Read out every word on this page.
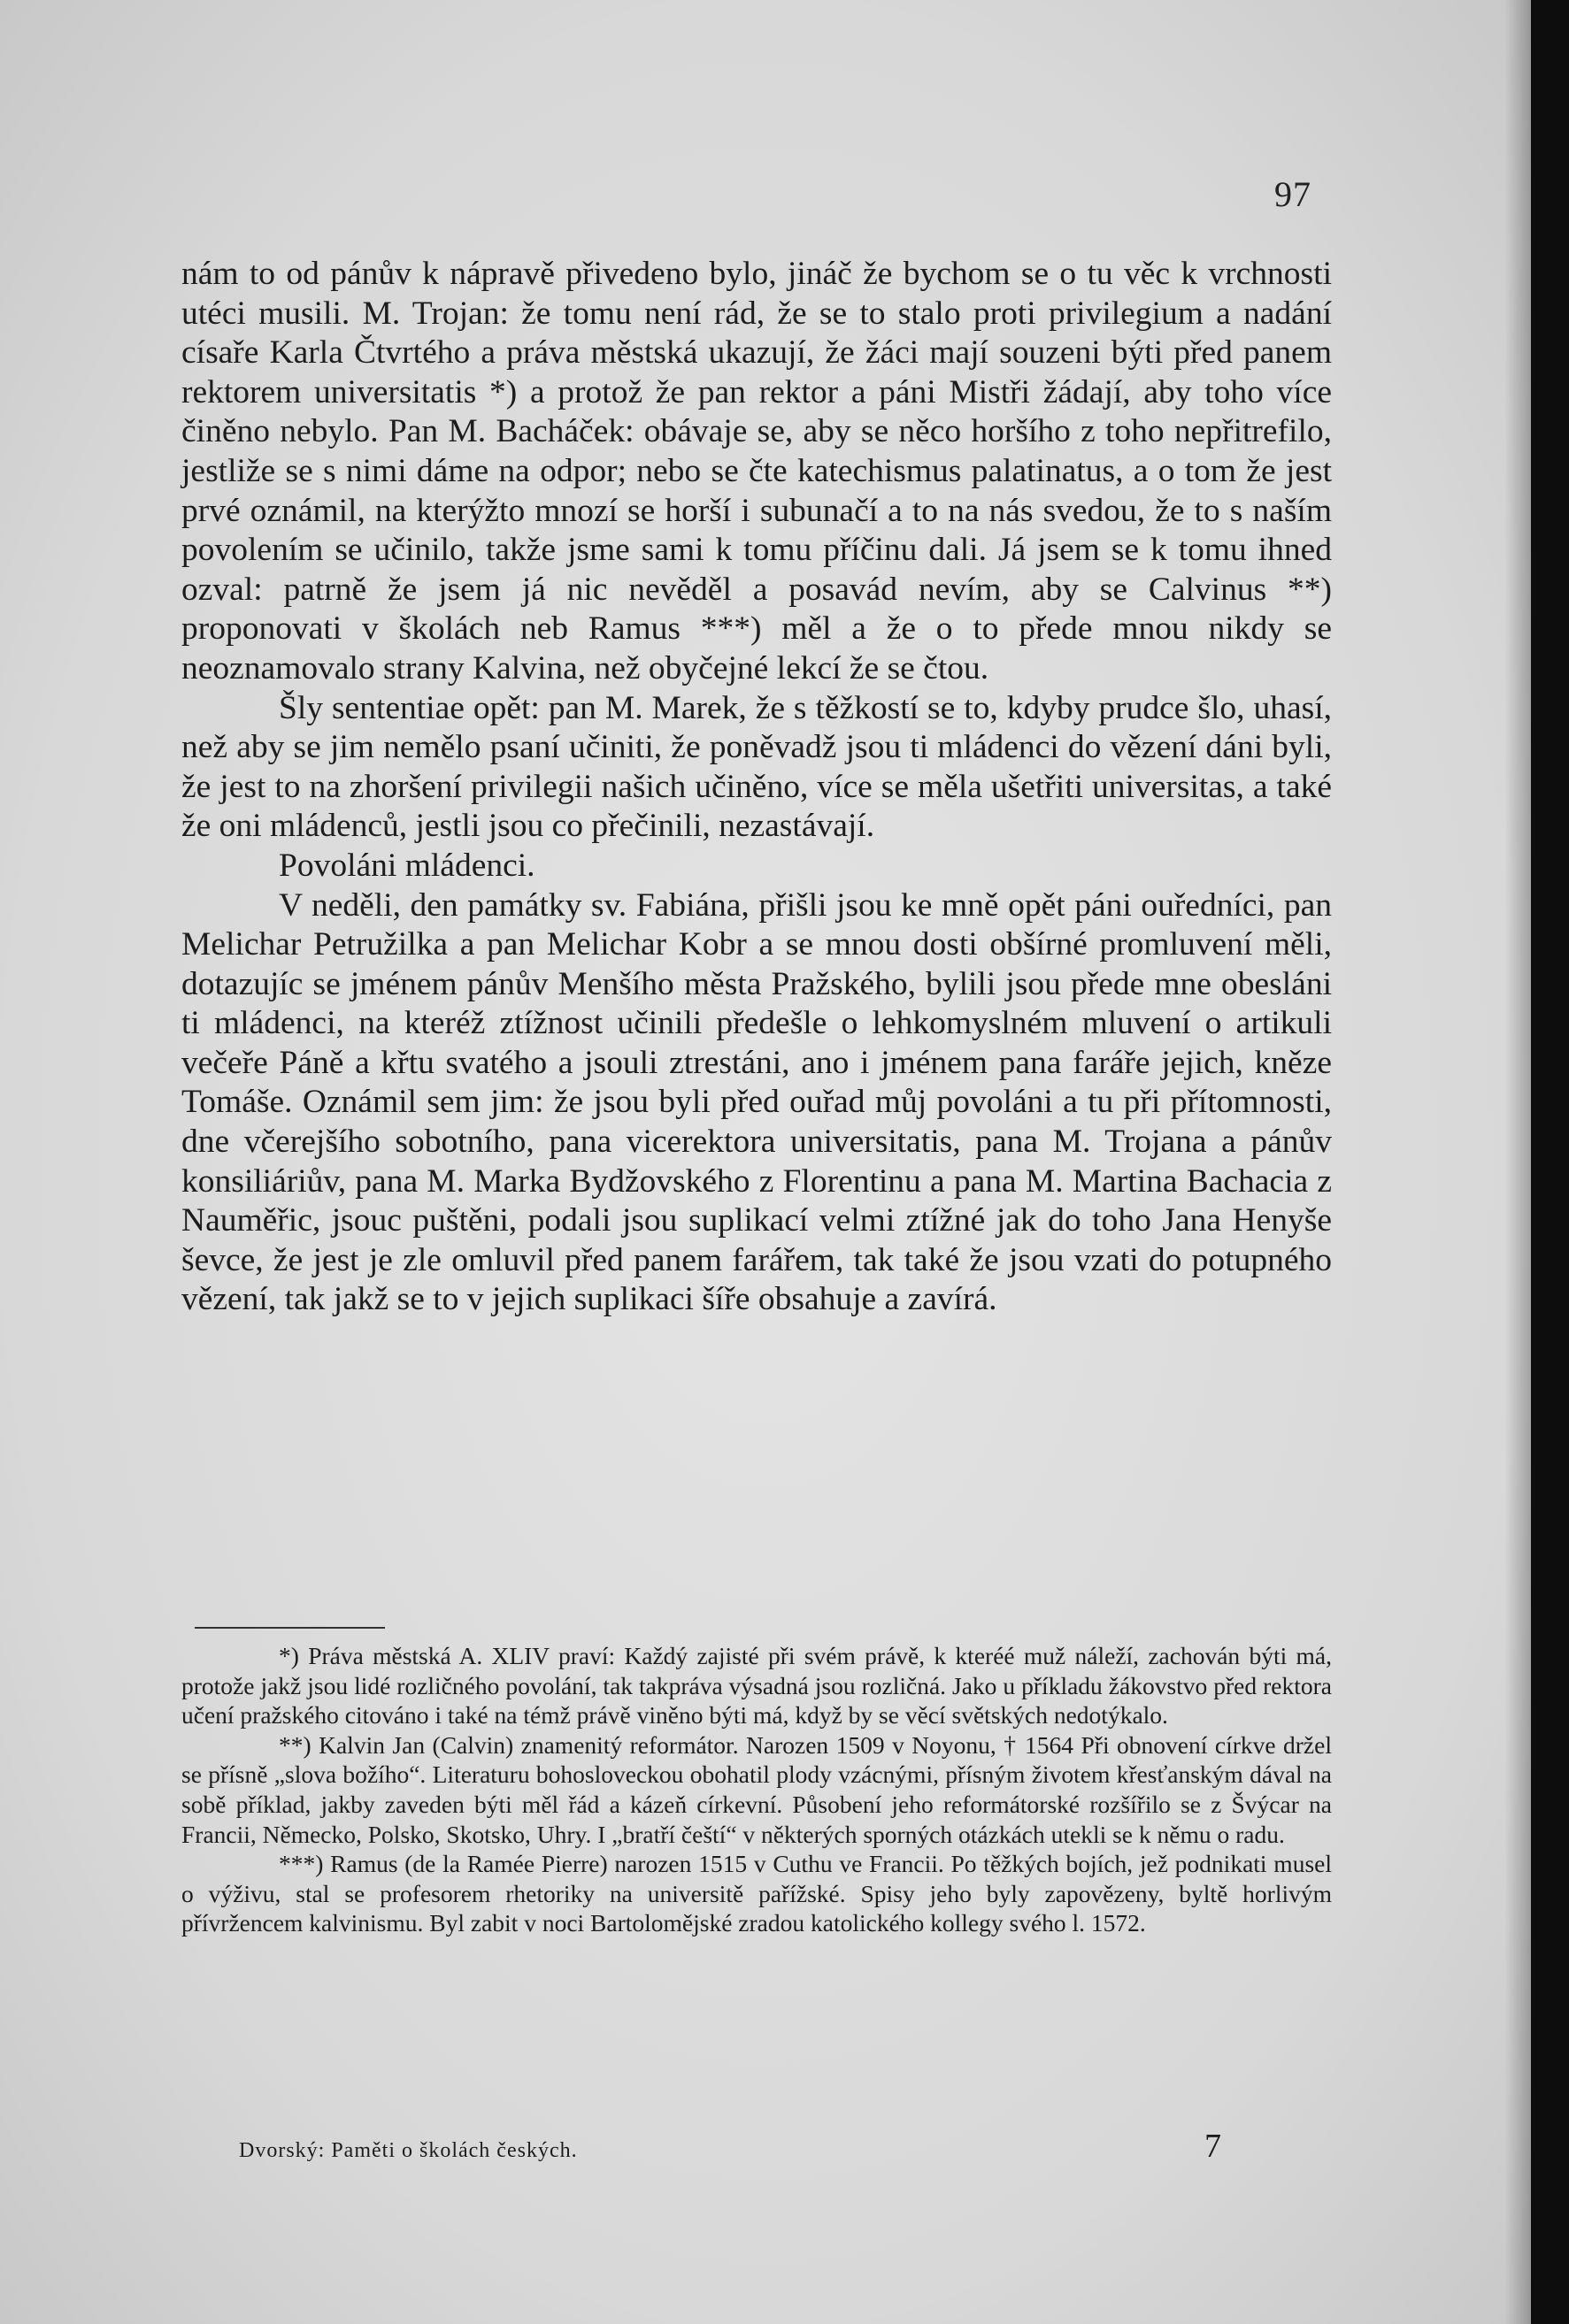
97

nám to od pánův k nápravě přivedeno bylo, jináč že bychom se o tu věc k vrchnosti utéci musili. M. Trojan: že tomu není rád, že se to stalo proti privilegium a nadání císaře Karla Čtvrtého a práva městská ukazují, že žáci mají souzeni býti před panem rektorem universitatis *) a protož že pan rektor a páni Mistři žádají, aby toho více činěno nebylo. Pan M. Bacháček: obávaje se, aby se něco horšího z toho nepřitrefilo, jestliže se s nimi dáme na odpor; nebo se čte katechismus palatinatus, a o tom že jest prvé oznámil, na kterýžto mnozí se horší i subunačí a to na nás svedou, že to s naším povolením se učinilo, takže jsme sami k tomu příčinu dali. Já jsem se k tomu ihned ozval: patrně že jsem já nic nevěděl a posavád nevím, aby se Calvinus **) proponovati v školách neb Ramus ***) měl a že o to přede mnou nikdy se neoznamovalo strany Kalvina, než obyčejné lekcí že se čtou.

Šly sententiae opět: pan M. Marek, že s těžkostí se to, kdyby prudce šlo, uhasí, než aby se jim nemělo psaní učiniti, že poněvadž jsou ti mládenci do vězení dáni byli, že jest to na zhoršení privilegii našich učiněno, více se měla ušetřiti universitas, a také že oni mládenců, jestli jsou co přečinili, nezastávají.

Povoláni mládenci.

V neděli, den památky sv. Fabiána, přišli jsou ke mně opět páni ouředníci, pan Melichar Petružilka a pan Melichar Kobr a se mnou dosti obšírné promluvení měli, dotazujíc se jménem pánův Menšího města Pražského, bylili jsou přede mne obesláni ti mládenci, na kteréž ztížnost učinili předešle o lehkomyslném mluvení o artikuli večeře Páně a křtu svatého a jsouli ztrestáni, ano i jménem pana faráře jejich, kněze Tomáše. Oznámil sem jim: že jsou byli před ouřad můj povoláni a tu při přítomnosti, dne včerejšího sobotního, pana vicerektora universitatis, pana M. Trojana a pánův konsiliáriův, pana M. Marka Bydžovského z Florentinu a pana M. Martina Bachacia z Nauměřic, jsouc puštěni, podali jsou suplikací velmi ztížné jak do toho Jana Henyše ševce, že jest je zle omluvil před panem farářem, tak také že jsou vzati do potupného vězení, tak jakž se to v jejich suplikaci šíře obsahuje a zavírá.

*) Práva městská A. XLIV praví: Každý zajisté při svém právě, k kteréé muž náleží, zachován býti má, protože jakž jsou lidé rozličného povolání, tak takpráva výsadná jsou rozličná. Jako u příkladu žákovstvo před rektora učení pražského citováno i také na témž právě viněno býti má, když by se věcí světských nedotýkalo.

**) Kalvin Jan (Calvin) znamenitý reformátor. Narozen 1509 v Noyonu, † 1564 Při obnovení církve držel se přísně „slova božího“. Literaturu bohosloveckou obohatil plody vzácnými, přísným životem křesťanským dával na sobě příklad, jakby zaveden býti měl řád a kázeň církevní. Působení jeho reformátorské rozšířilo se z Švýcar na Francii, Německo, Polsko, Skotsko, Uhry. I „bratří čeští“ v některých sporných otázkách utekli se k němu o radu.

***) Ramus (de la Ramée Pierre) narozen 1515 v Cuthu ve Francii. Po těžkých bojích, jež podnikati musel o výživu, stal se profesorem rhetoriky na universitě pařížské. Spisy jeho byly zapovězeny, byltě horlivým přívržencem kalvinismu. Byl zabit v noci Bartolomějské zradou katolického kollegy svého l. 1572.

Dvorský: Paměti o školách českých.	7
